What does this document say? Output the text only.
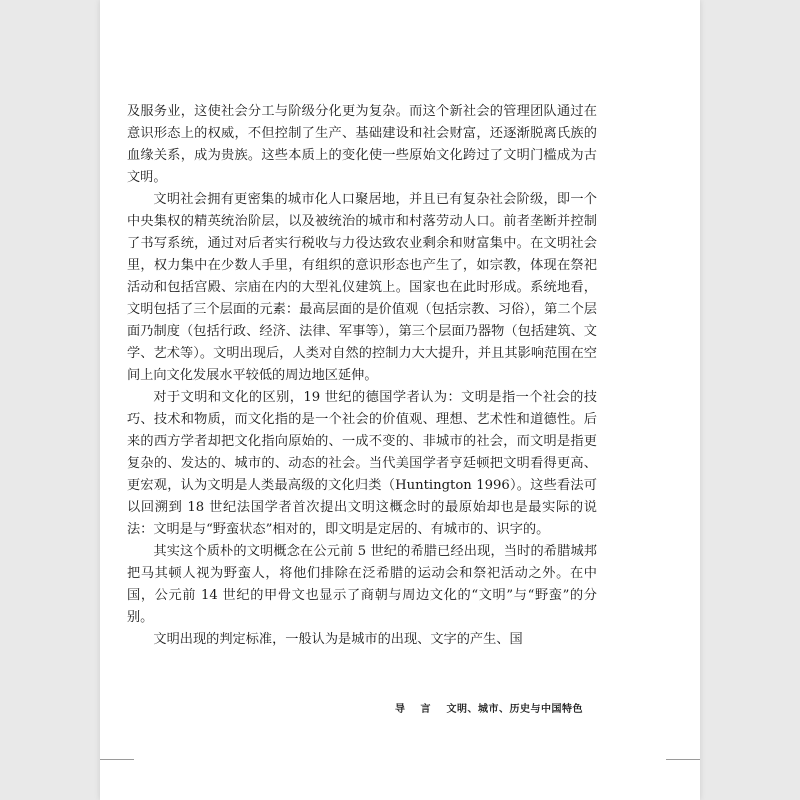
及服务业，这使社会分工与阶级分化更为复杂。而这个新社会的管理团队通过在意识形态上的权威，不但控制了生产、基础建设和社会财富，还逐渐脱离氏族的血缘关系，成为贵族。这些本质上的变化使一些原始文化跨过了文明门槛成为古文明。

文明社会拥有更密集的城市化人口聚居地，并且已有复杂社会阶级，即一个中央集权的精英统治阶层，以及被统治的城市和村落劳动人口。前者垄断并控制了书写系统，通过对后者实行税收与力役达致农业剩余和财富集中。在文明社会里，权力集中在少数人手里，有组织的意识形态也产生了，如宗教，体现在祭祀活动和包括宫殿、宗庙在内的大型礼仪建筑上。国家也在此时形成。系统地看，文明包括了三个层面的元素：最高层面的是价值观（包括宗教、习俗），第二个层面乃制度（包括行政、经济、法律、军事等），第三个层面乃器物（包括建筑、文学、艺术等）。文明出现后，人类对自然的控制力大大提升，并且其影响范围在空间上向文化发展水平较低的周边地区延伸。

对于文明和文化的区别，19 世纪的德国学者认为：文明是指一个社会的技巧、技术和物质，而文化指的是一个社会的价值观、理想、艺术性和道德性。后来的西方学者却把文化指向原始的、一成不变的、非城市的社会，而文明是指更复杂的、发达的、城市的、动态的社会。当代美国学者亨廷顿把文明看得更高、更宏观，认为文明是人类最高级的文化归类（Huntington 1996）。这些看法可以回溯到 18 世纪法国学者首次提出文明这概念时的最原始却也是最实际的说法：文明是与“野蛮状态”相对的，即文明是定居的、有城市的、识字的。

其实这个质朴的文明概念在公元前 5 世纪的希腊已经出现，当时的希腊城邦把马其顿人视为野蛮人，将他们排除在泛希腊的运动会和祭祀活动之外。在中国，公元前 14 世纪的甲骨文也显示了商朝与周边文化的“文明”与“野蛮”的分别。

文明出现的判定标准，一般认为是城市的出现、文字的产生、国

导 言 文明、城市、历史与中国特色
